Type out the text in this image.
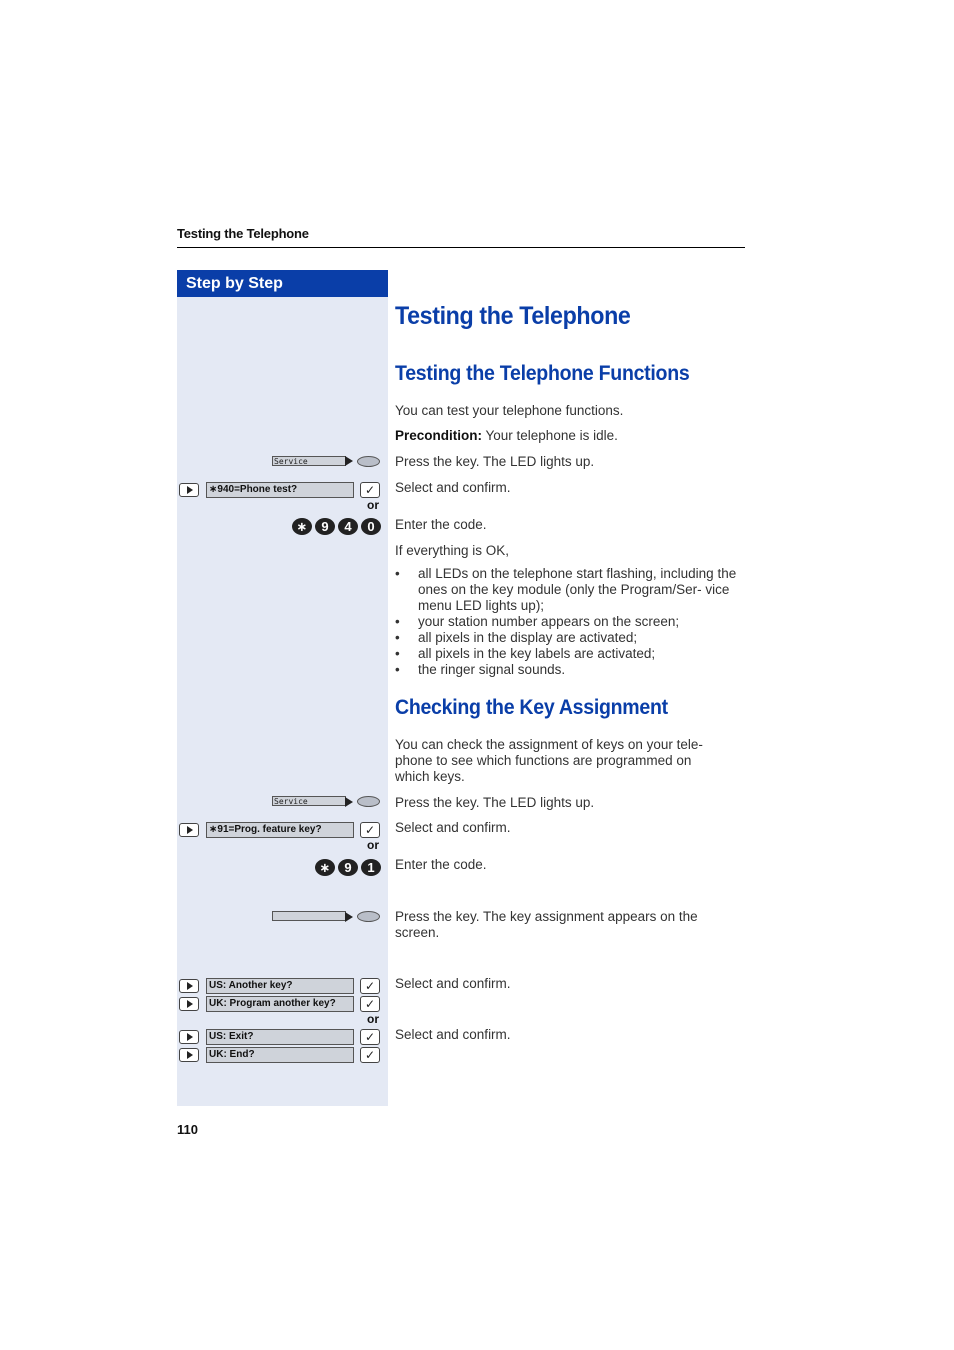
Testing the Telephone
Step by Step
Testing the Telephone
Testing the Telephone Functions
You can test your telephone functions.
Precondition: Your telephone is idle.
Service	Press the key. The LED lights up.
∗940=Phone test?	✓	Select and confirm.
or
∗	9	4	0	Enter the code.
If everything is OK,
• all LEDs on the telephone start flashing, including the ones on the key module (only the Program/Ser- vice menu LED lights up);
• your station number appears on the screen;
• all pixels in the display are activated;
• all pixels in the key labels are activated;
• the ringer signal sounds.
Checking the Key Assignment
You can check the assignment of keys on your tele- phone to see which functions are programmed on which keys.
Service	Press the key. The LED lights up.
∗91=Prog. feature key?	✓	Select and confirm.
or
∗	9	1	Enter the code.
Press the key. The key assignment appears on the screen.
US: Another key?	✓
UK: Program another key?	✓
Select and confirm.
or
US: Exit?	✓
UK: End?	✓
Select and confirm.
110
